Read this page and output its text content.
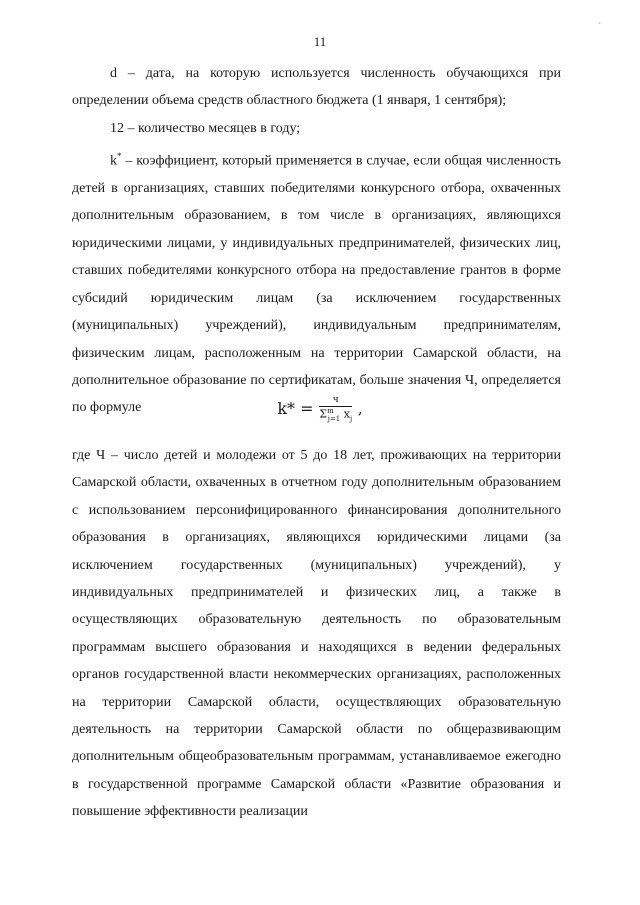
11

d – дата, на которую используется численность обучающихся при определении объема средств областного бюджета (1 января, 1 сентября);

12 – количество месяцев в году;

k* – коэффициент, который применяется в случае, если общая численность детей в организациях, ставших победителями конкурсного отбора, охваченных дополнительным образованием, в том числе в организациях, являющихся юридическими лицами, у индивидуальных предпринимателей, физических лиц, ставших победителями конкурсного отбора на предоставление грантов в форме субсидий юридическим лицам (за исключением государственных (муниципальных) учреждений), индивидуальным предпринимателям, физическим лицам, расположенным на территории Самарской области, на дополнительное образование по сертификатам, больше значения Ч, определяется по формуле	$k* = \frac{ч}{\Sigma^m_{j=1} x_j}$ ,

где Ч – число детей и молодежи от 5 до 18 лет, проживающих на территории Самарской области, охваченных в отчетном году дополнительным образованием с использованием персонифицированного финансирования дополнительного образования в организациях, являющихся юридическими лицами (за исключением государственных (муниципальных) учреждений), у индивидуальных предпринимателей и физических лиц, а также в осуществляющих образовательную деятельность по образовательным программам высшего образования и находящихся в ведении федеральных органов государственной власти некоммерческих организациях, расположенных на территории Самарской области, осуществляющих образовательную деятельность на территории Самарской области по общеразвивающим дополнительным общеобразовательным программам, устанавливаемое ежегодно в государственной программе Самарской области «Развитие образования и повышение эффективности реализации

ˎ
